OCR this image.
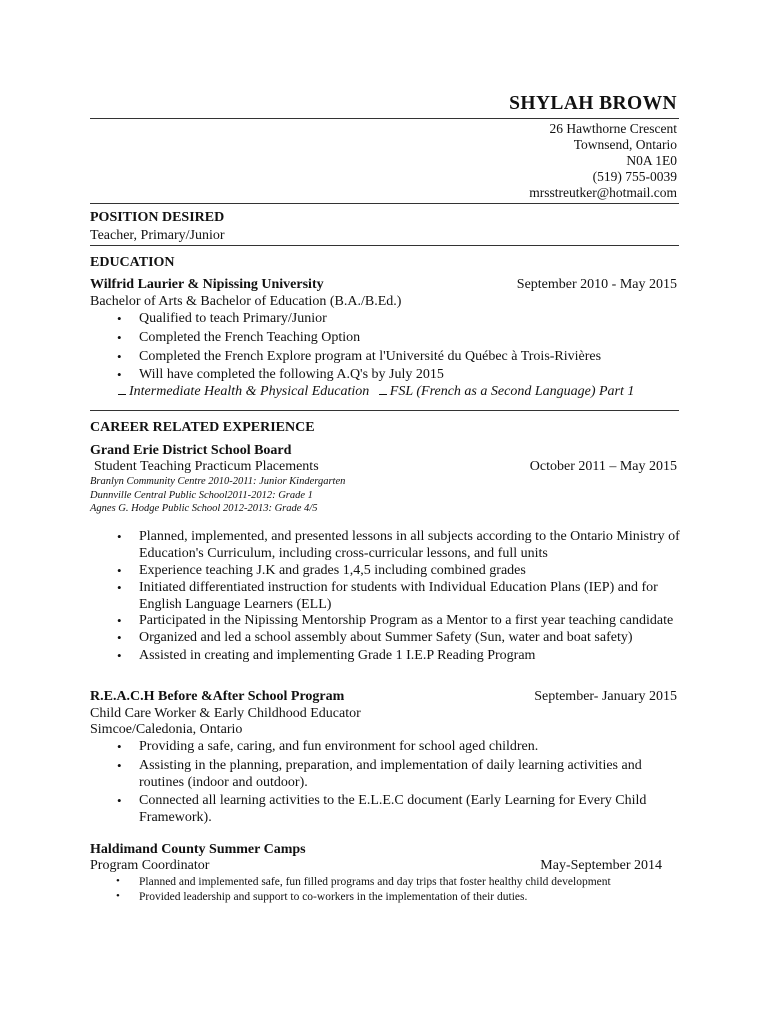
SHYLAH BROWN
26 Hawthorne Crescent
Townsend, Ontario
N0A 1E0
(519) 755-0039
mrsstreutker@hotmail.com
POSITION DESIRED
Teacher, Primary/Junior
EDUCATION
Wilfrid Laurier & Nipissing University	September 2010 - May 2015
Bachelor of Arts & Bachelor of Education (B.A./B.Ed.)
• Qualified to teach Primary/Junior
• Completed the French Teaching Option
• Completed the French Explore program at l'Université du Québec à Trois-Rivières
• Will have completed the following A.Q's by July 2015
Intermediate Health & Physical Education FSL (French as a Second Language) Part 1
CAREER RELATED EXPERIENCE
Grand Erie District School Board
Student Teaching Practicum Placements	October 2011 – May 2015
Branlyn Community Centre 2010-2011: Junior Kindergarten
Dunnville Central Public School2011-2012: Grade 1
Agnes G. Hodge Public School 2012-2013: Grade 4/5
• Planned, implemented, and presented lessons in all subjects according to the Ontario Ministry of
Education's Curriculum, including cross-curricular lessons, and full units
• Experience teaching J.K and grades 1,4,5 including combined grades
• Initiated differentiated instruction for students with Individual Education Plans (IEP) and for
English Language Learners (ELL)
• Participated in the Nipissing Mentorship Program as a Mentor to a first year teaching candidate
• Organized and led a school assembly about Summer Safety (Sun, water and boat safety)
• Assisted in creating and implementing Grade 1 I.E.P Reading Program
R.E.A.C.H Before &After School Program	September- January 2015
Child Care Worker & Early Childhood Educator
Simcoe/Caledonia, Ontario
• Providing a safe, caring, and fun environment for school aged children.
• Assisting in the planning, preparation, and implementation of daily learning activities and
routines (indoor and outdoor).
• Connected all learning activities to the E.L.E.C document (Early Learning for Every Child
Framework).
Haldimand County Summer Camps
Program Coordinator	May-September 2014
• Planned and implemented safe, fun filled programs and day trips that foster healthy child development
• Provided leadership and support to co-workers in the implementation of their duties.
